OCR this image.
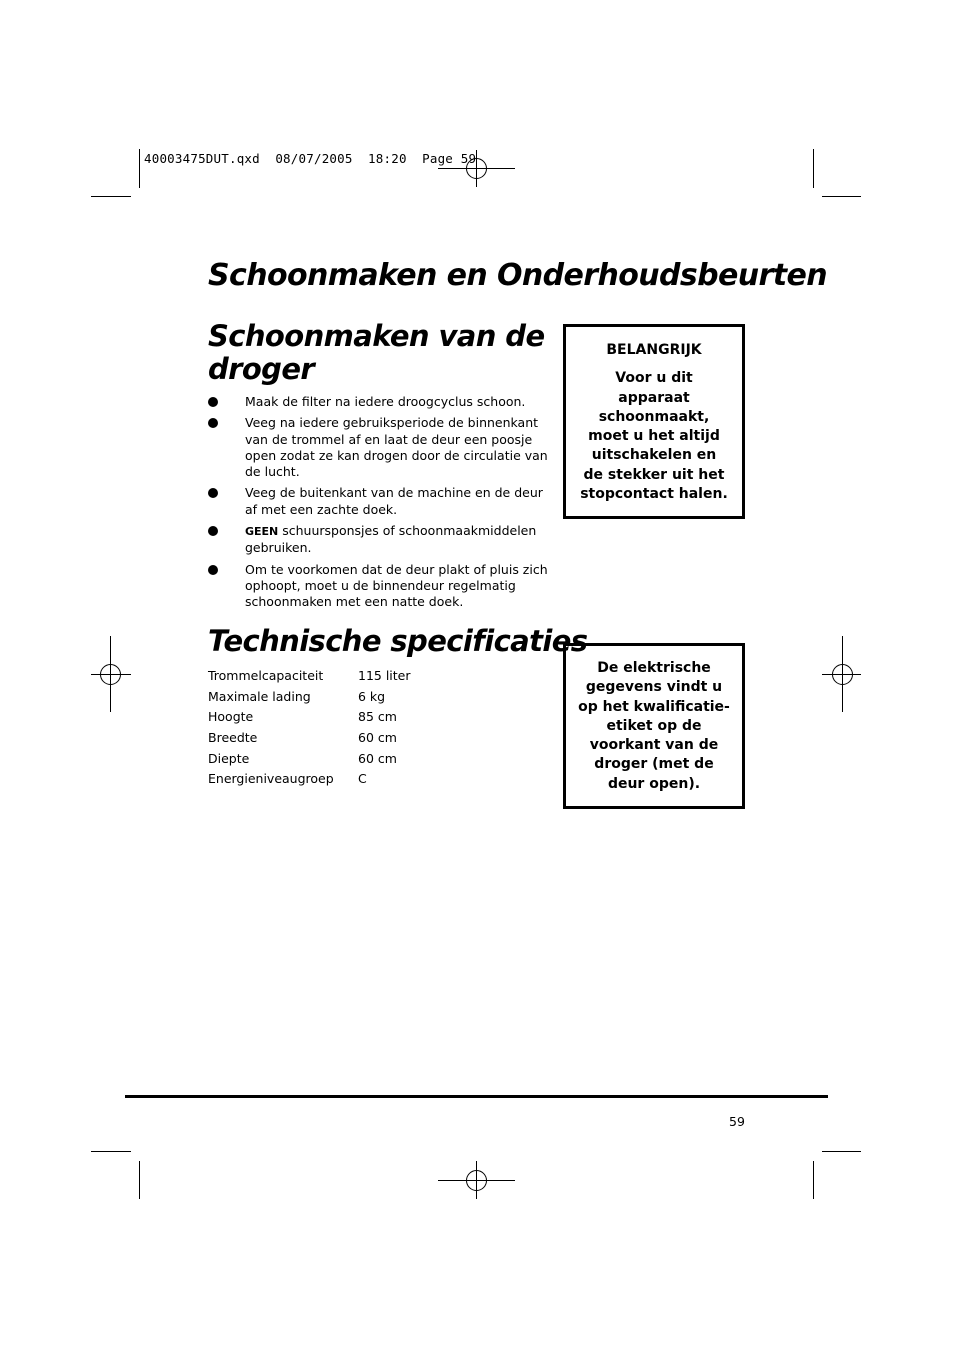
40003475DUT.qxd  08/07/2005  18:20  Page 59
Schoonmaken en Onderhoudsbeurten
Schoonmaken van de
droger
Maak de filter na iedere droogcyclus schoon.
Veeg na iedere gebruiksperiode de binnenkant van de trommel af en laat de deur een poosje open zodat ze kan drogen door de circulatie van de lucht.
Veeg de buitenkant van de machine en de deur af met een zachte doek.
GEEN schuursponsjes of schoonmaakmiddelen gebruiken.
Om te voorkomen dat de deur plakt of pluis zich ophoopt, moet u de binnendeur regelmatig schoonmaken met een natte doek.
BELANGRIJK
Voor u dit apparaat schoonmaakt, moet u het altijd uitschakelen en de stekker uit het stopcontact halen.
Technische specificaties
Trommelcapaciteit	115 liter
Maximale lading	6 kg
Hoogte	85 cm
Breedte	60 cm
Diepte	60 cm
Energieniveaugroep	C
De elektrische gegevens vindt u op het kwalificatie-etiket op de voorkant van de droger (met de deur open).
59
